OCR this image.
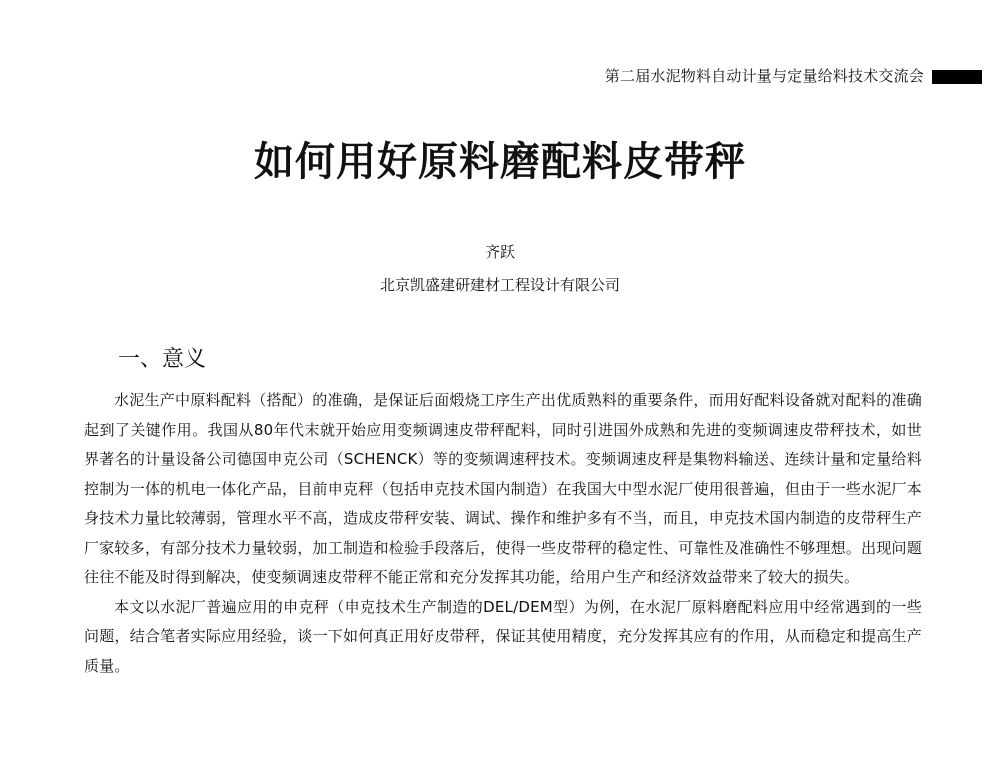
第二届水泥物料自动计量与定量给料技术交流会
如何用好原料磨配料皮带秤
齐跃
北京凯盛建研建材工程设计有限公司
一、意义

水泥生产中原料配料（搭配）的准确，是保证后面煅烧工序生产出优质熟料的重要条件，而用好配料设备就对配料的准确起到了关键作用。我国从80年代末就开始应用变频调速皮带秤配料，同时引进国外成熟和先进的变频调速皮带秤技术，如世界著名的计量设备公司德国申克公司（SCHENCK）等的变频调速秤技术。变频调速皮秤是集物料输送、连续计量和定量给料控制为一体的机电一体化产品，目前申克秤（包括申克技术国内制造）在我国大中型水泥厂使用很普遍，但由于一些水泥厂本身技术力量比较薄弱，管理水平不高，造成皮带秤安装、调试、操作和维护多有不当，而且，申克技术国内制造的皮带秤生产厂家较多，有部分技术力量较弱，加工制造和检验手段落后，使得一些皮带秤的稳定性、可靠性及准确性不够理想。出现问题往往不能及时得到解决，使变频调速皮带秤不能正常和充分发挥其功能，给用户生产和经济效益带来了较大的损失。

本文以水泥厂普遍应用的申克秤（申克技术生产制造的DEL/DEM型）为例，在水泥厂原料磨配料应用中经常遇到的一些问题，结合笔者实际应用经验，谈一下如何真正用好皮带秤，保证其使用精度，充分发挥其应有的作用，从而稳定和提高生产质量。
